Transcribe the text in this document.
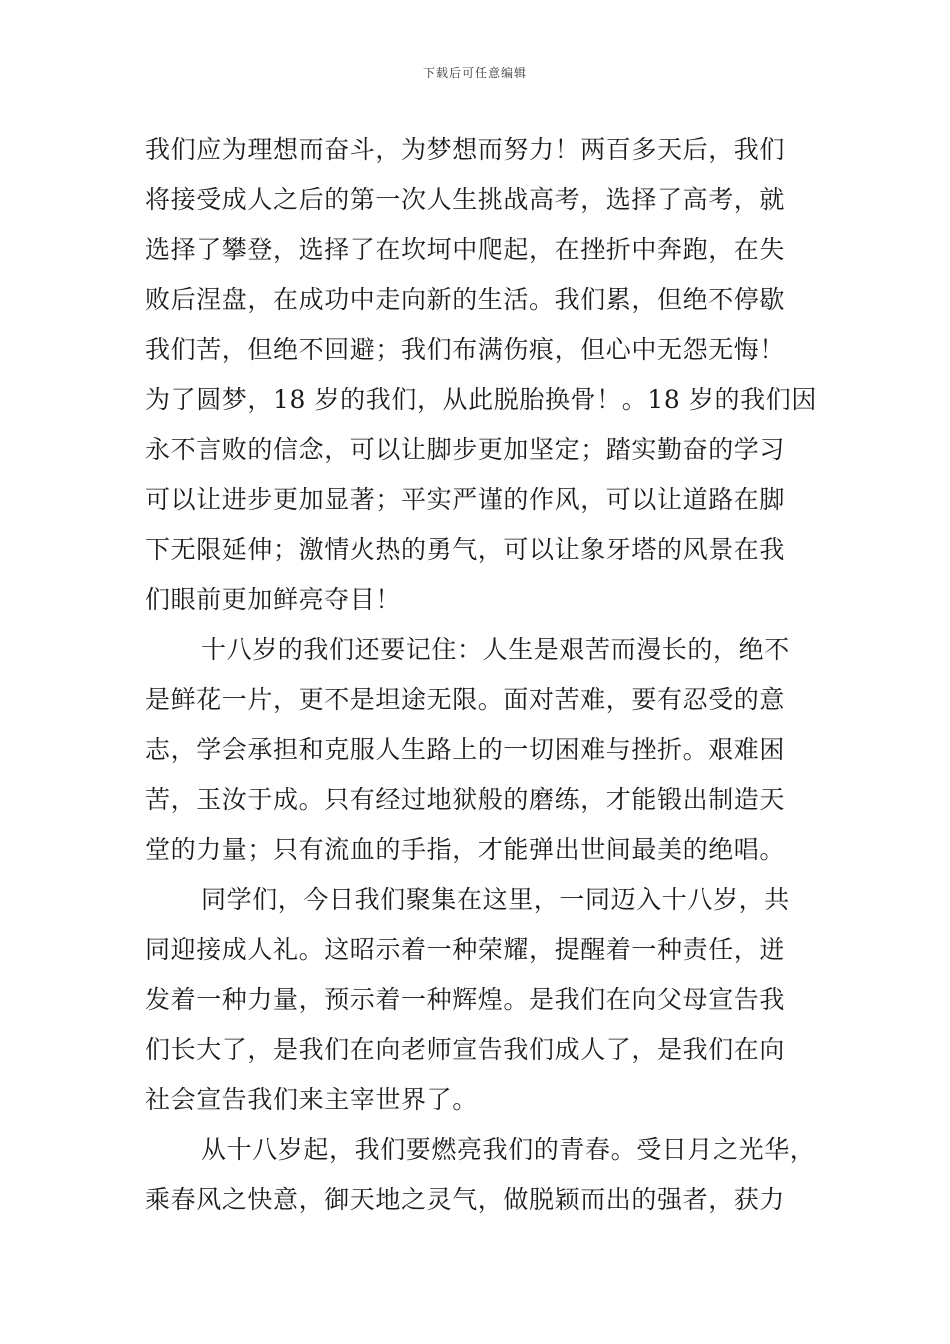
下载后可任意编辑
我们应为理想而奋斗，为梦想而努力！两百多天后，我们
将接受成人之后的第一次人生挑战高考，选择了高考，就
选择了攀登，选择了在坎坷中爬起，在挫折中奔跑，在失
败后涅盘，在成功中走向新的生活。我们累，但绝不停歇
我们苦，但绝不回避；我们布满伤痕，但心中无怨无悔！
为了圆梦，18 岁的我们，从此脱胎换骨！。18 岁的我们因
永不言败的信念，可以让脚步更加坚定；踏实勤奋的学习
可以让进步更加显著；平实严谨的作风，可以让道路在脚
下无限延伸；激情火热的勇气，可以让象牙塔的风景在我
们眼前更加鲜亮夺目！
十八岁的我们还要记住：人生是艰苦而漫长的，绝不
是鲜花一片，更不是坦途无限。面对苦难，要有忍受的意
志，学会承担和克服人生路上的一切困难与挫折。艰难困
苦，玉汝于成。只有经过地狱般的磨练，才能锻出制造天
堂的力量；只有流血的手指，才能弹出世间最美的绝唱。
同学们，今日我们聚集在这里，一同迈入十八岁，共
同迎接成人礼。这昭示着一种荣耀，提醒着一种责任，迸
发着一种力量，预示着一种辉煌。是我们在向父母宣告我
们长大了，是我们在向老师宣告我们成人了，是我们在向
社会宣告我们来主宰世界了。
从十八岁起，我们要燃亮我们的青春。受日月之光华，
乘春风之快意，御天地之灵气，做脱颖而出的强者，获力
